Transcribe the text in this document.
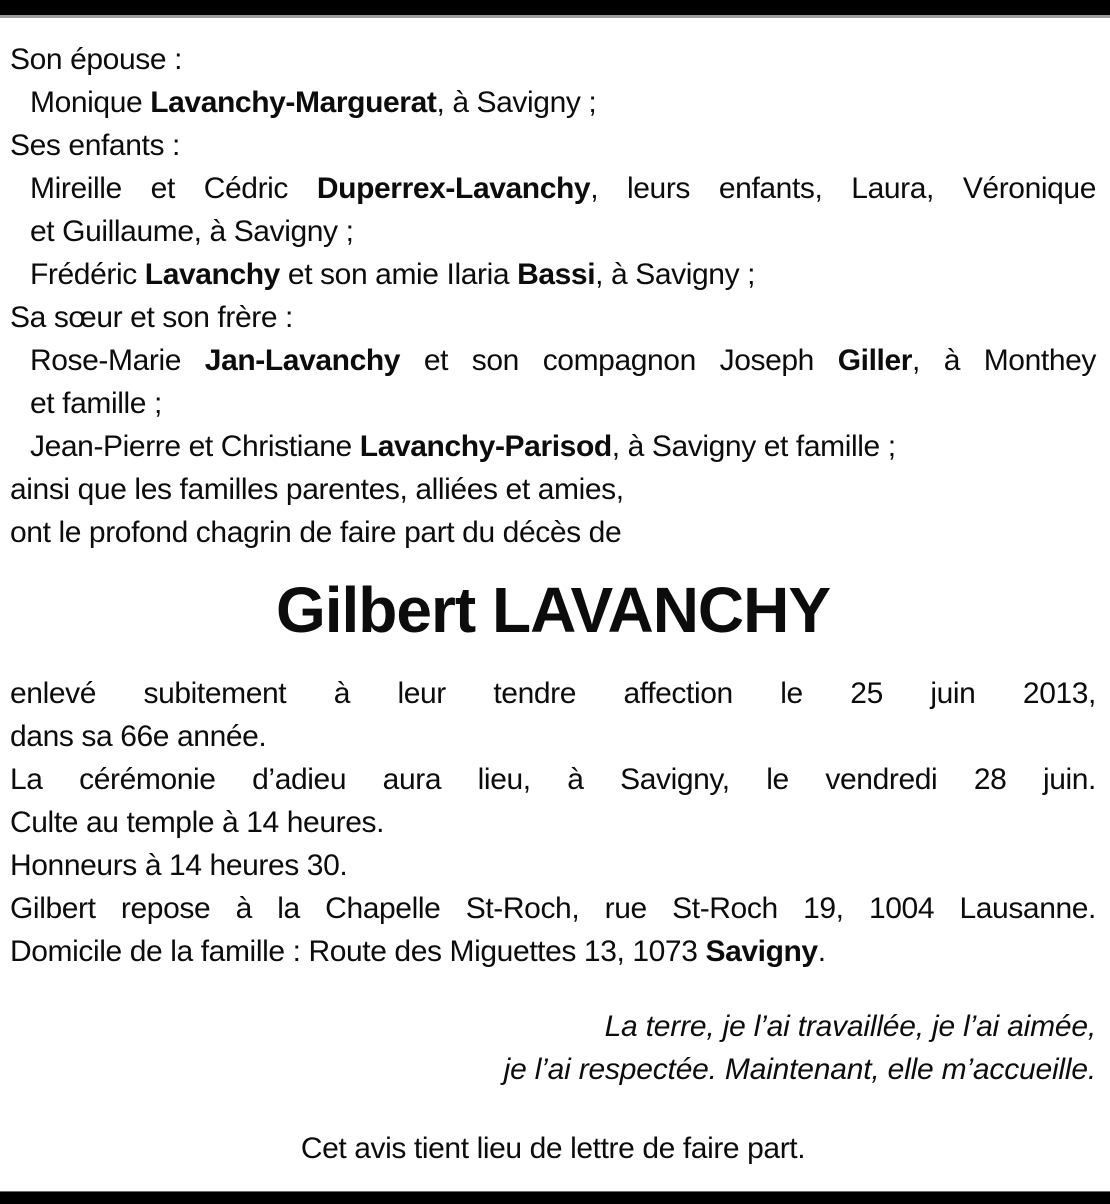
Son épouse :
Monique Lavanchy-Marguerat, à Savigny ;
Ses enfants :
Mireille et Cédric Duperrex-Lavanchy, leurs enfants, Laura, Véronique
et Guillaume, à Savigny ;
Frédéric Lavanchy et son amie Ilaria Bassi, à Savigny ;
Sa sœur et son frère :
Rose-Marie Jan-Lavanchy et son compagnon Joseph Giller, à Monthey
et famille ;
Jean-Pierre et Christiane Lavanchy-Parisod, à Savigny et famille ;
ainsi que les familles parentes, alliées et amies,
ont le profond chagrin de faire part du décès de
Gilbert LAVANCHY
enlevé subitement à leur tendre affection le 25 juin 2013,
dans sa 66e année.
La cérémonie d’adieu aura lieu, à Savigny, le vendredi 28 juin.
Culte au temple à 14 heures.
Honneurs à 14 heures 30.
Gilbert repose à la Chapelle St-Roch, rue St-Roch 19, 1004 Lausanne.
Domicile de la famille : Route des Miguettes 13, 1073 Savigny.
La terre, je l’ai travaillée, je l’ai aimée,
je l’ai respectée. Maintenant, elle m’accueille.
Cet avis tient lieu de lettre de faire part.
